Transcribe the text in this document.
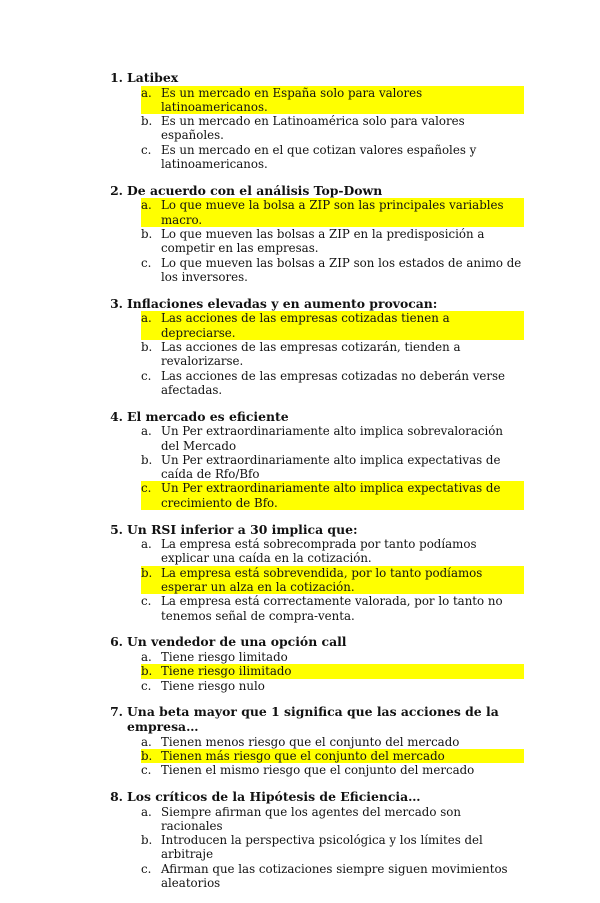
1. Latibex
a. Es un mercado en España solo para valores latinoamericanos.
b. Es un mercado en Latinoamérica solo para valores españoles.
c. Es un mercado en el que cotizan valores españoles y latinoamericanos.
2. De acuerdo con el análisis Top-Down
a. Lo que mueve la bolsa a ZIP son las principales variables macro.
b. Lo que mueven las bolsas a ZIP en la predisposición a competir en las empresas.
c. Lo que mueven las bolsas a ZIP son los estados de animo de los inversores.
3. Inflaciones elevadas y en aumento provocan:
a. Las acciones de las empresas cotizadas tienen a depreciarse.
b. Las acciones de las empresas cotizarán, tienden a revalorizarse.
c. Las acciones de las empresas cotizadas no deberán verse afectadas.
4. El mercado es eficiente
a. Un Per extraordinariamente alto implica sobrevaloración del Mercado
b. Un Per extraordinariamente alto implica expectativas de caída de Rfo/Bfo
c. Un Per extraordinariamente alto implica expectativas de crecimiento de Bfo.
5. Un RSI inferior a 30 implica que:
a. La empresa está sobrecomprada por tanto podíamos explicar una caída en la cotización.
b. La empresa está sobrevendida, por lo tanto podíamos esperar un alza en la cotización.
c. La empresa está correctamente valorada, por lo tanto no tenemos señal de compra-venta.
6. Un vendedor de una opción call
a. Tiene riesgo limitado
b. Tiene riesgo ilimitado
c. Tiene riesgo nulo
7. Una beta mayor que 1 significa que las acciones de la empresa…
a. Tienen menos riesgo que el conjunto del mercado
b. Tienen más riesgo que el conjunto del mercado
c. Tienen el mismo riesgo que el conjunto del mercado
8. Los críticos de la Hipótesis de Eficiencia…
a. Siempre afirman que los agentes del mercado son racionales
b. Introducen la perspectiva psicológica y los límites del arbitraje
c. Afirman que las cotizaciones siempre siguen movimientos aleatorios
